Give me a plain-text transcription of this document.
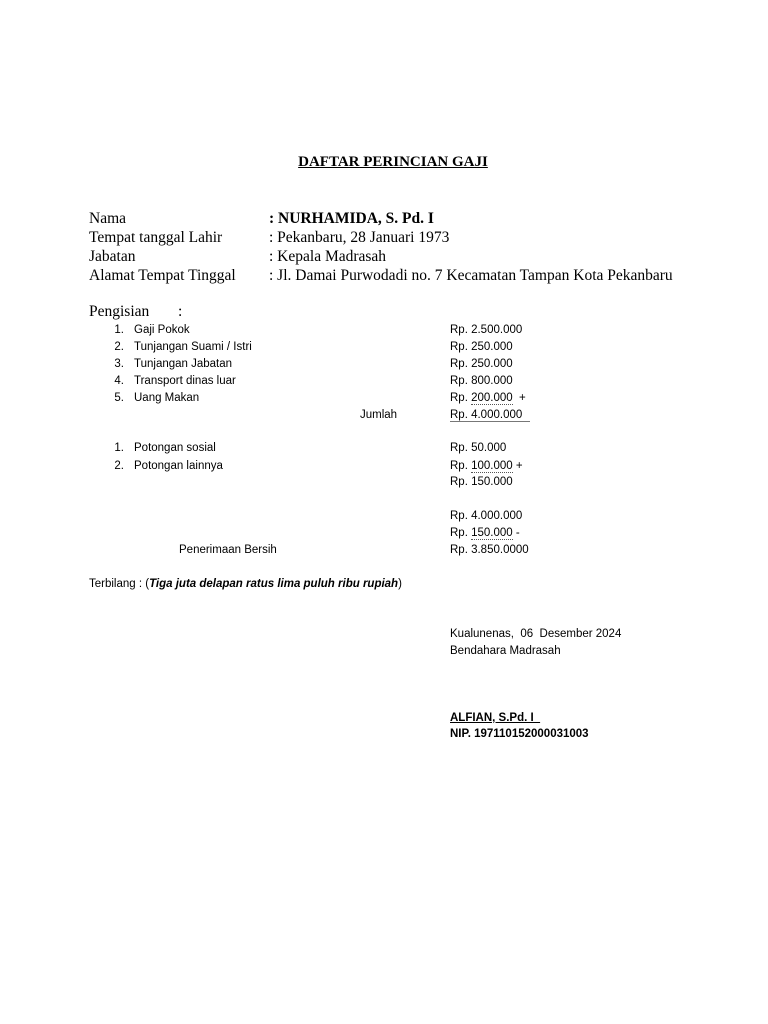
DAFTAR PERINCIAN GAJI
Nama	: NURHAMIDA, S. Pd. I
Tempat tanggal Lahir	: Pekanbaru, 28 Januari 1973
Jabatan	: Kepala Madrasah
Alamat Tempat Tinggal : Jl. Damai Purwodadi no. 7 Kecamatan Tampan Kota Pekanbaru
Pengisian :
1. Gaji Pokok	Rp. 2.500.000
2. Tunjangan Suami / Istri	Rp. 250.000
3. Tunjangan Jabatan	Rp. 250.000
4. Transport dinas luar	Rp. 800.000
5. Uang Makan	Rp. 200.000  +
Jumlah	Rp. 4.000.000
1. Potongan sosial	Rp. 50.000
2. Potongan lainnya	Rp. 100.000 +
Rp. 150.000
Rp. 4.000.000
Rp. 150.000 -
Penerimaan Bersih	Rp. 3.850.0000
Terbilang : (Tiga juta delapan ratus lima puluh ribu rupiah)
Kualunenas,  06  Desember 2024
Bendahara Madrasah
ALFIAN, S.Pd. I
NIP. 197110152000031003
